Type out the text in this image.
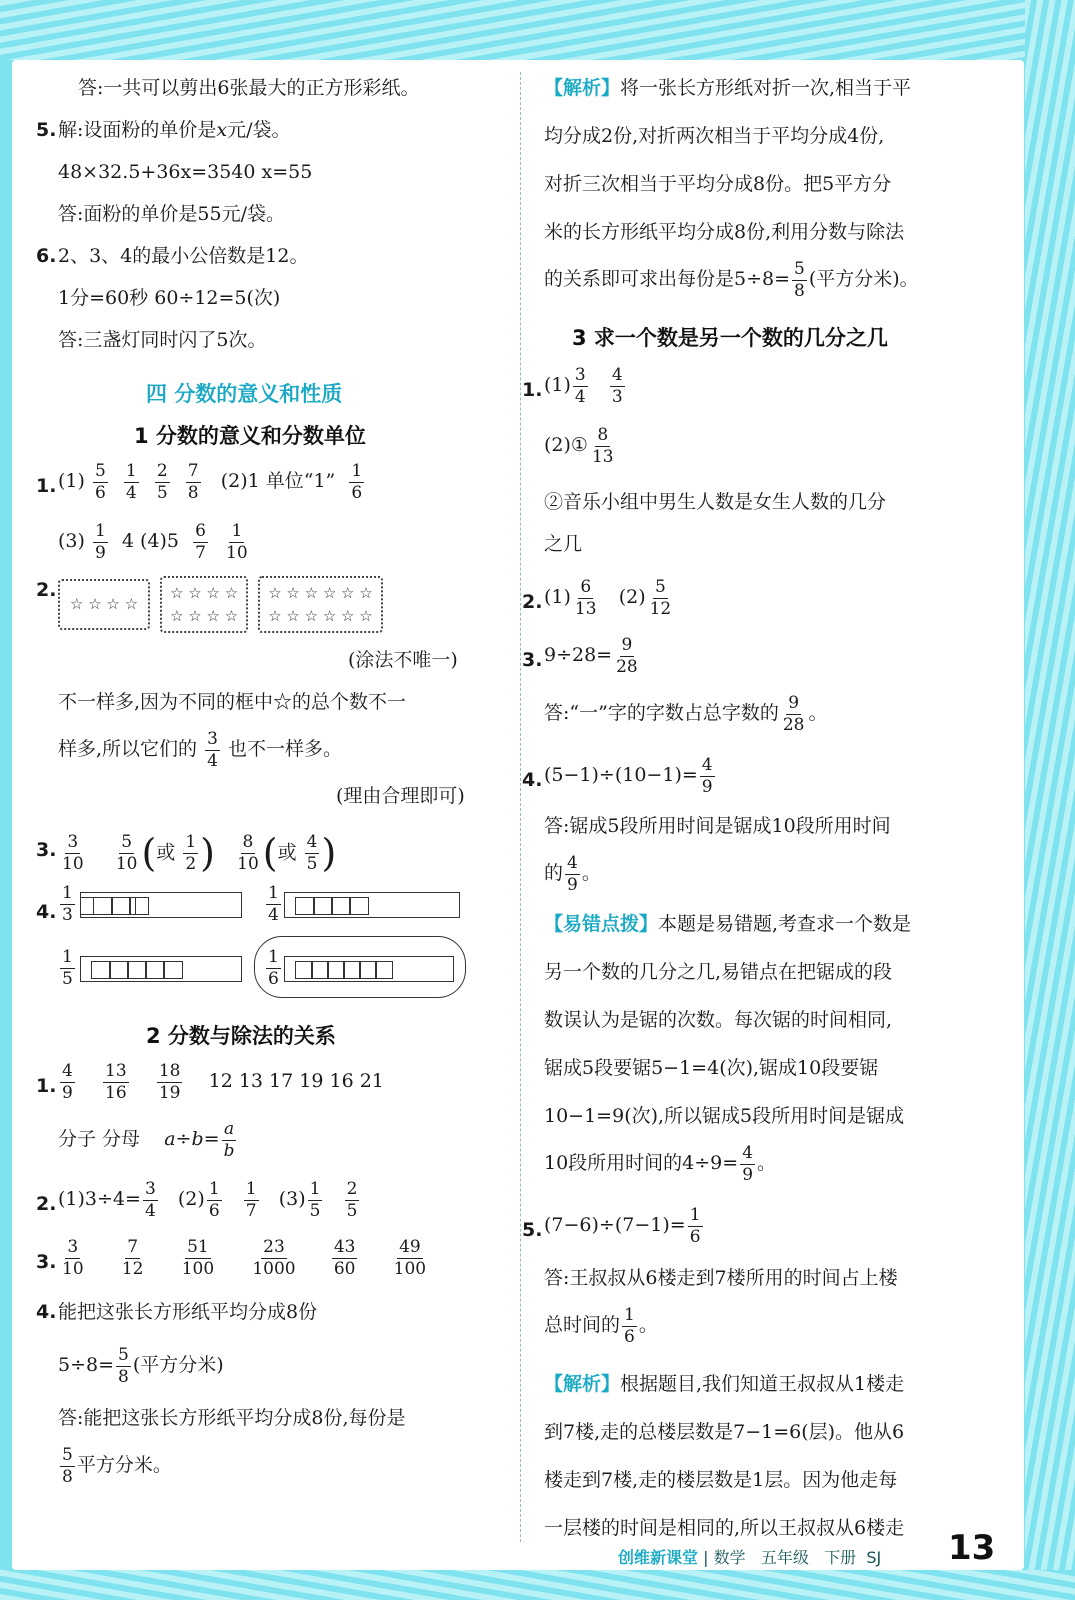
答:一共可以剪出6张最大的正方形彩纸。
5. 解:设面粉的单价是x元/袋。
48×32.5+36x=3540 x=55
答:面粉的单价是55元/袋。
6. 2、3、4的最小公倍数是12。
1分=60秒 60÷12=5(次)
答:三盏灯同时闪了5次。
四 分数的意义和性质
1 分数的意义和分数单位
1. $(1) \frac{5}{6}$
$\frac{1}{4}$
$\frac{2}{5}$
$\frac{7}{8} (2)1$ 单位“1” $\frac{1}{6}$
$(3) \frac{1}{9} 4$ $(4)5 \frac{6}{7}$
$\frac{1}{10}$
2.
☆ ☆ ☆ ☆☆ ☆ ☆ ☆
☆ ☆ ☆ ☆☆ ☆ ☆ ☆ ☆ ☆
☆ ☆ ☆ ☆ ☆ ☆
(涂法不唯一)
不一样多,因为不同的框中☆的总个数不一
样多,所以它们的 $\frac{3}{4}$ 也不一样多。
(理由合理即可)
3. $\frac{3}{10}$
$\frac{5}{10}$ (或 $\frac{1}{2}$ ) $\frac{8}{10}$ (或 $\frac{4}{5}$ )
4. $\frac{1}{3}$	$\frac{1}{4}$
$\frac{1}{5}$	$\frac{1}{6}$
2 分数与除法的关系
1. $\frac{4}{9}$
$\frac{13}{16}$
$\frac{18}{19} 12$ 13 17 19 16 21
分子 分母 $a\div b= \frac{a}{b}$
2. $(1)3\div 4= \frac{3}{4} (2) \frac{1}{6}$
$\frac{1}{7} (3) \frac{1}{5}$
$\frac{2}{5}$
3. $\frac{3}{10}$
$\frac{7}{12}$
$\frac{51}{100}$
$\frac{23}{1000}$
$\frac{43}{60}$
$\frac{49}{100}$
4. 能把这张长方形纸平均分成8份
$5\div 8= \frac{5}{8}$ (平方分米)
答:能把这张长方形纸平均分成8份,每份是
$\frac{5}{8}$ 平方分米。
【解析】将一张长方形纸对折一次,相当于平
均分成2份,对折两次相当于平均分成4份,
对折三次相当于平均分成8份。把5平方分
米的长方形纸平均分成8份,利用分数与除法
的关系即可求出每份是$5\div 8= \frac{5}{8}$ (平方分米)。
3 求一个数是另一个数的几分之几
1. $(1) \frac{3}{4}$
$\frac{4}{3}$
(2)① $\frac{8}{13}$
②音乐小组中男生人数是女生人数的几分
之几
2. $(1) \frac{6}{13} (2) \frac{5}{12}$
3. $9\div 28= \frac{9}{28}$
答:“一”字的字数占总字数的 $\frac{9}{28}$ 。
4. $(5-1)\div(10-1)= \frac{4}{9}$
答:锯成5段所用时间是锯成10段所用时间
的 $\frac{4}{9}$ 。
【易错点拨】本题是易错题,考查求一个数是
另一个数的几分之几,易错点在把锯成的段
数误认为是锯的次数。每次锯的时间相同,
锯成5段要锯5−1=4(次),锯成10段要锯
10−1=9(次),所以锯成5段所用时间是锯成
10段所用时间的$4\div 9= \frac{4}{9}$ 。
5. $(7-6)\div(7-1)= \frac{1}{6}$
答:王叔叔从6楼走到7楼所用的时间占上楼
总时间的 $\frac{1}{6}$ 。
【解析】根据题目,我们知道王叔叔从1楼走
到7楼,走的总楼层数是7−1=6(层)。他从6
楼走到7楼,走的楼层数是1层。因为他走每
一层楼的时间是相同的,所以王叔叔从6楼走
创维新课堂 | 数学 五年级 下册 SJ 13
